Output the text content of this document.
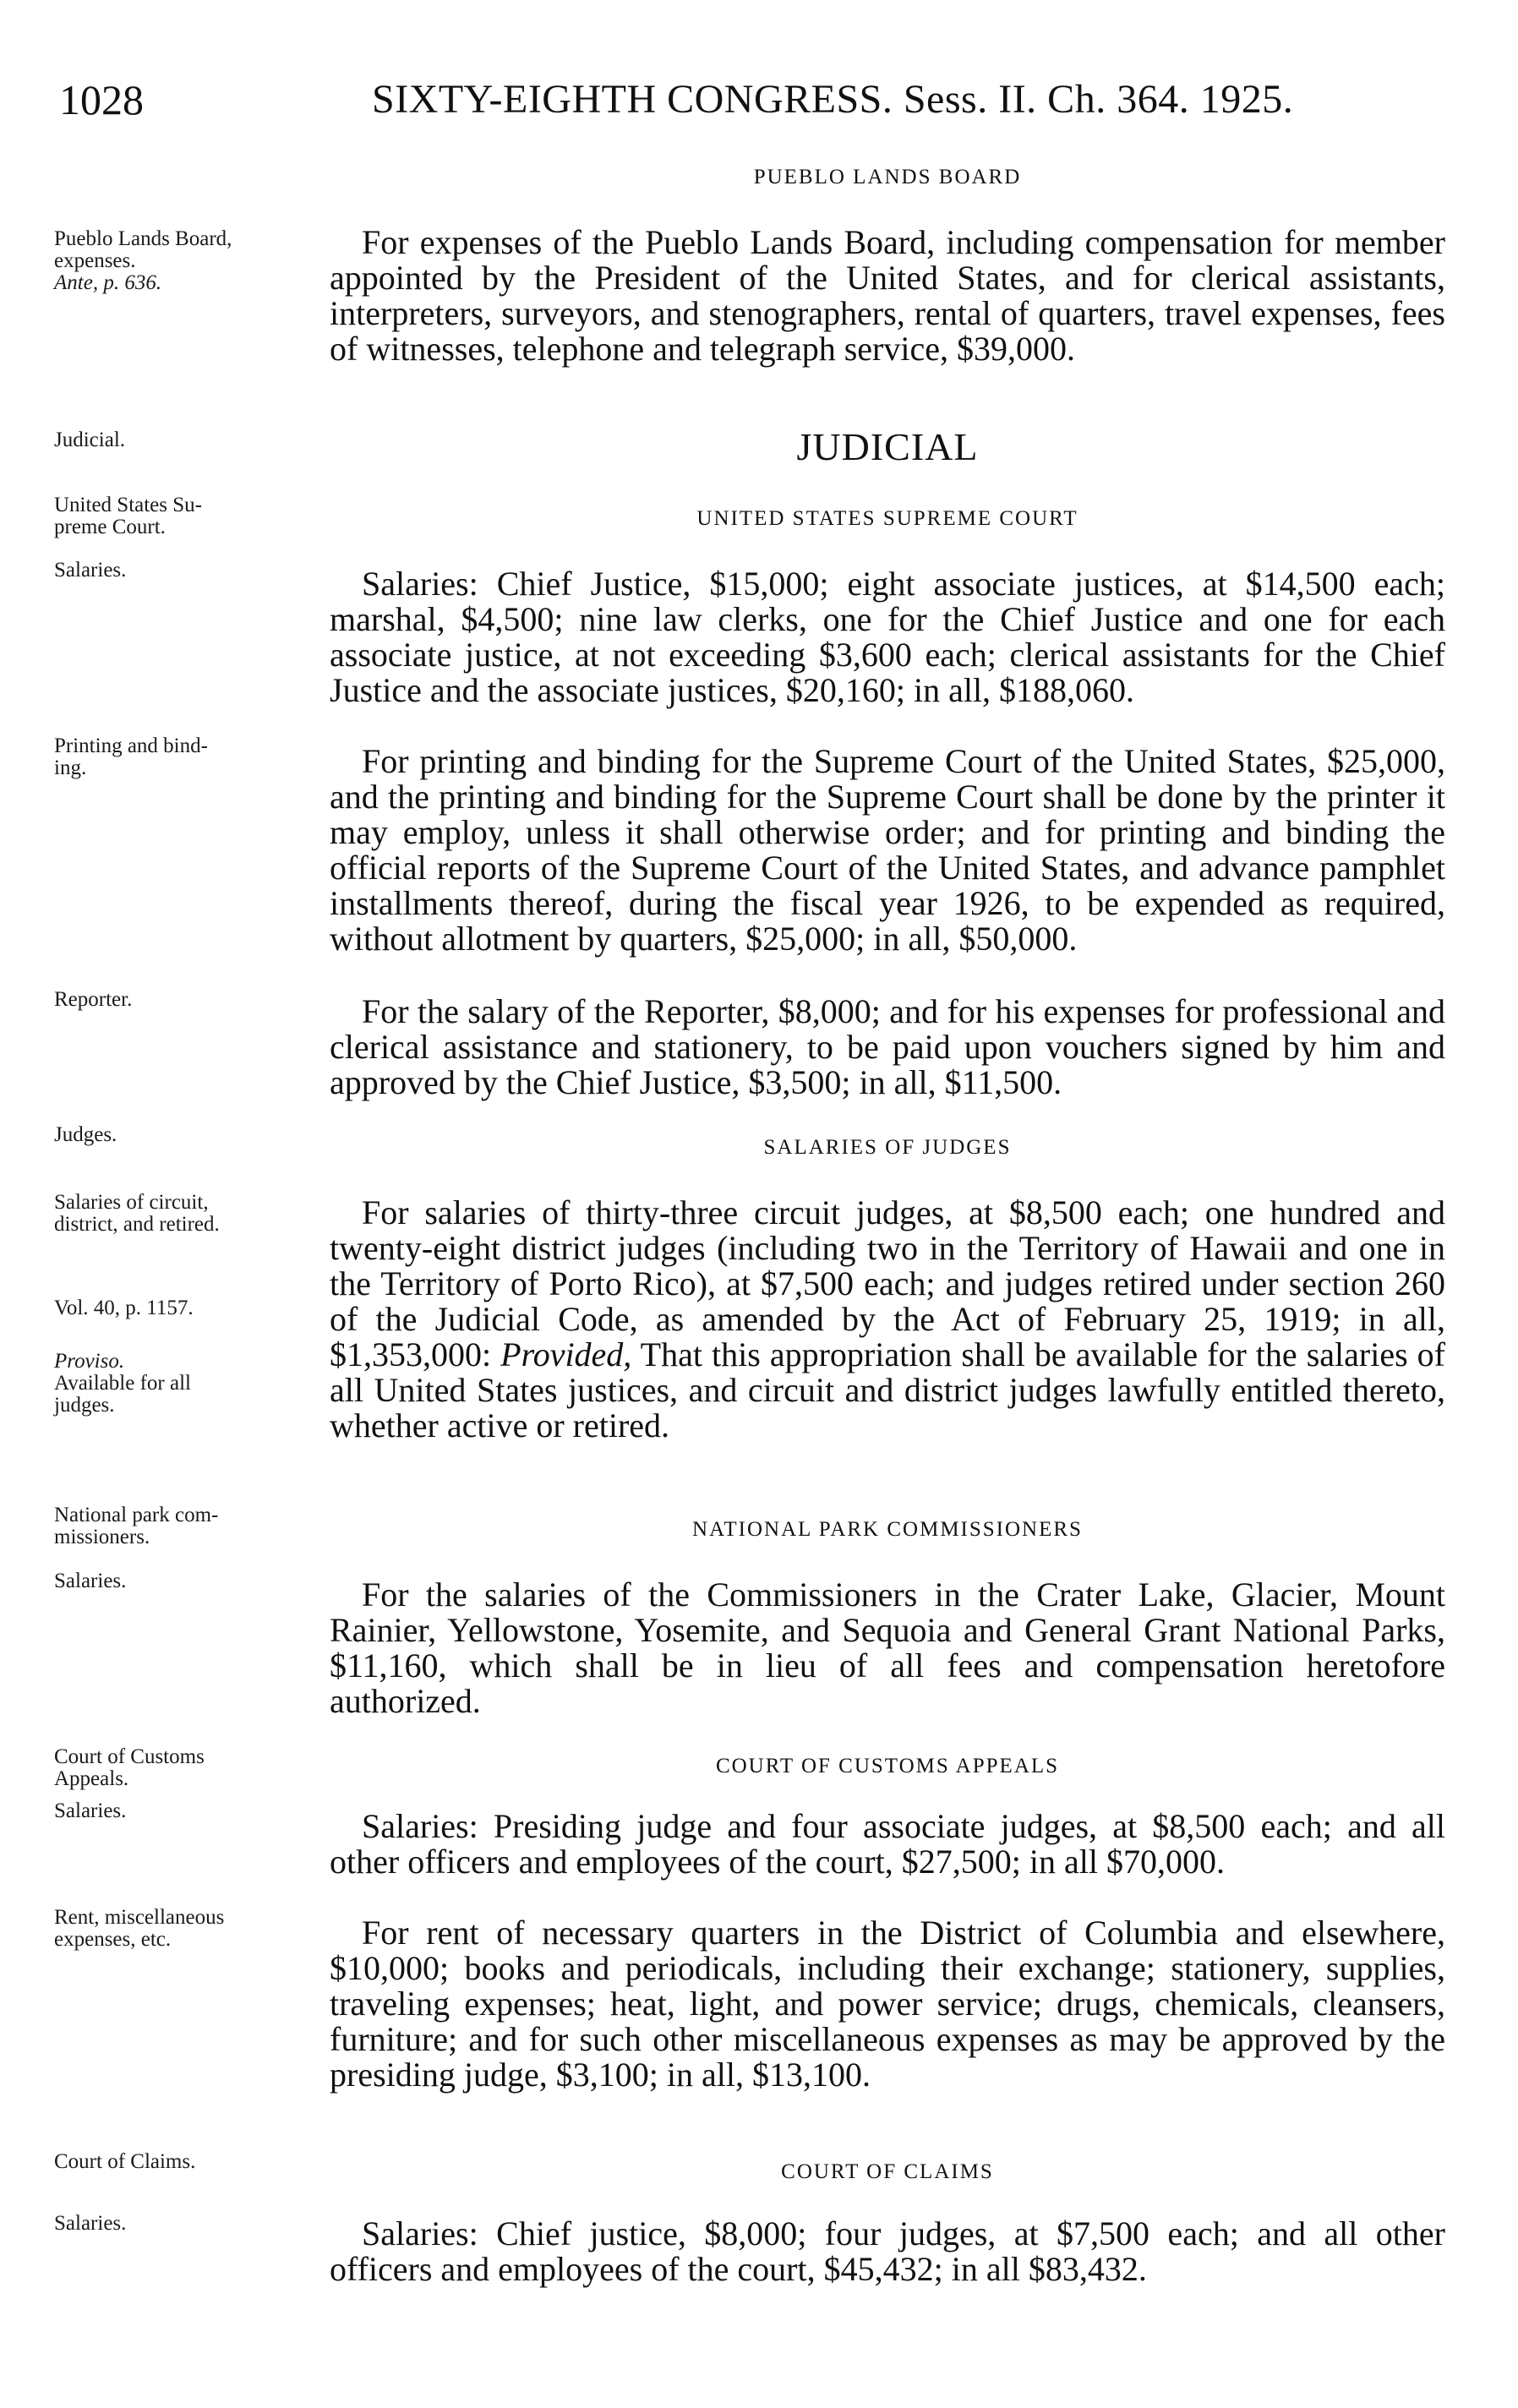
1028	SIXTY-EIGHTH CONGRESS. Sess. II. Ch. 364. 1925.
Pueblo Lands Board,
expenses.
Ante, p. 636.
Judicial.
United States Su-
preme Court.
Salaries.
Printing and bind-
ing.
Reporter.
Judges.
Salaries of circuit,
district, and retired.
Vol. 40, p. 1157.
Proviso.
Available for all
judges.
National park com-
missioners.
Salaries.
Court of Customs
Appeals.
Salaries.
Rent, miscellaneous
expenses, etc.
Court of Claims.
Salaries.
PUEBLO LANDS BOARD

For expenses of the Pueblo Lands Board, including compensation for member appointed by the President of the United States, and for clerical assistants, interpreters, surveyors, and stenographers, rental of quarters, travel expenses, fees of witnesses, telephone and telegraph service, $39,000.

JUDICIAL
UNITED STATES SUPREME COURT

Salaries: Chief Justice, $15,000; eight associate justices, at $14,500 each; marshal, $4,500; nine law clerks, one for the Chief Justice and one for each associate justice, at not exceeding $3,600 each; clerical assistants for the Chief Justice and the associate justices, $20,160; in all, $188,060.

For printing and binding for the Supreme Court of the United States, $25,000, and the printing and binding for the Supreme Court shall be done by the printer it may employ, unless it shall otherwise order; and for printing and binding the official reports of the Supreme Court of the United States, and advance pamphlet installments thereof, during the fiscal year 1926, to be expended as required, without allotment by quarters, $25,000; in all, $50,000.

For the salary of the Reporter, $8,000; and for his expenses for professional and clerical assistance and stationery, to be paid upon vouchers signed by him and approved by the Chief Justice, $3,500; in all, $11,500.

SALARIES OF JUDGES

For salaries of thirty-three circuit judges, at $8,500 each; one hundred and twenty-eight district judges (including two in the Territory of Hawaii and one in the Territory of Porto Rico), at $7,500 each; and judges retired under section 260 of the Judicial Code, as amended by the Act of February 25, 1919; in all, $1,353,000: Provided, That this appropriation shall be available for the salaries of all United States justices, and circuit and district judges lawfully entitled thereto, whether active or retired.

NATIONAL PARK COMMISSIONERS

For the salaries of the Commissioners in the Crater Lake, Glacier, Mount Rainier, Yellowstone, Yosemite, and Sequoia and General Grant National Parks, $11,160, which shall be in lieu of all fees and compensation heretofore authorized.

COURT OF CUSTOMS APPEALS

Salaries: Presiding judge and four associate judges, at $8,500 each; and all other officers and employees of the court, $27,500; in all $70,000.

For rent of necessary quarters in the District of Columbia and elsewhere, $10,000; books and periodicals, including their exchange; stationery, supplies, traveling expenses; heat, light, and power service; drugs, chemicals, cleansers, furniture; and for such other miscellaneous expenses as may be approved by the presiding judge, $3,100; in all, $13,100.

COURT OF CLAIMS

Salaries: Chief justice, $8,000; four judges, at $7,500 each; and all other officers and employees of the court, $45,432; in all $83,432.
